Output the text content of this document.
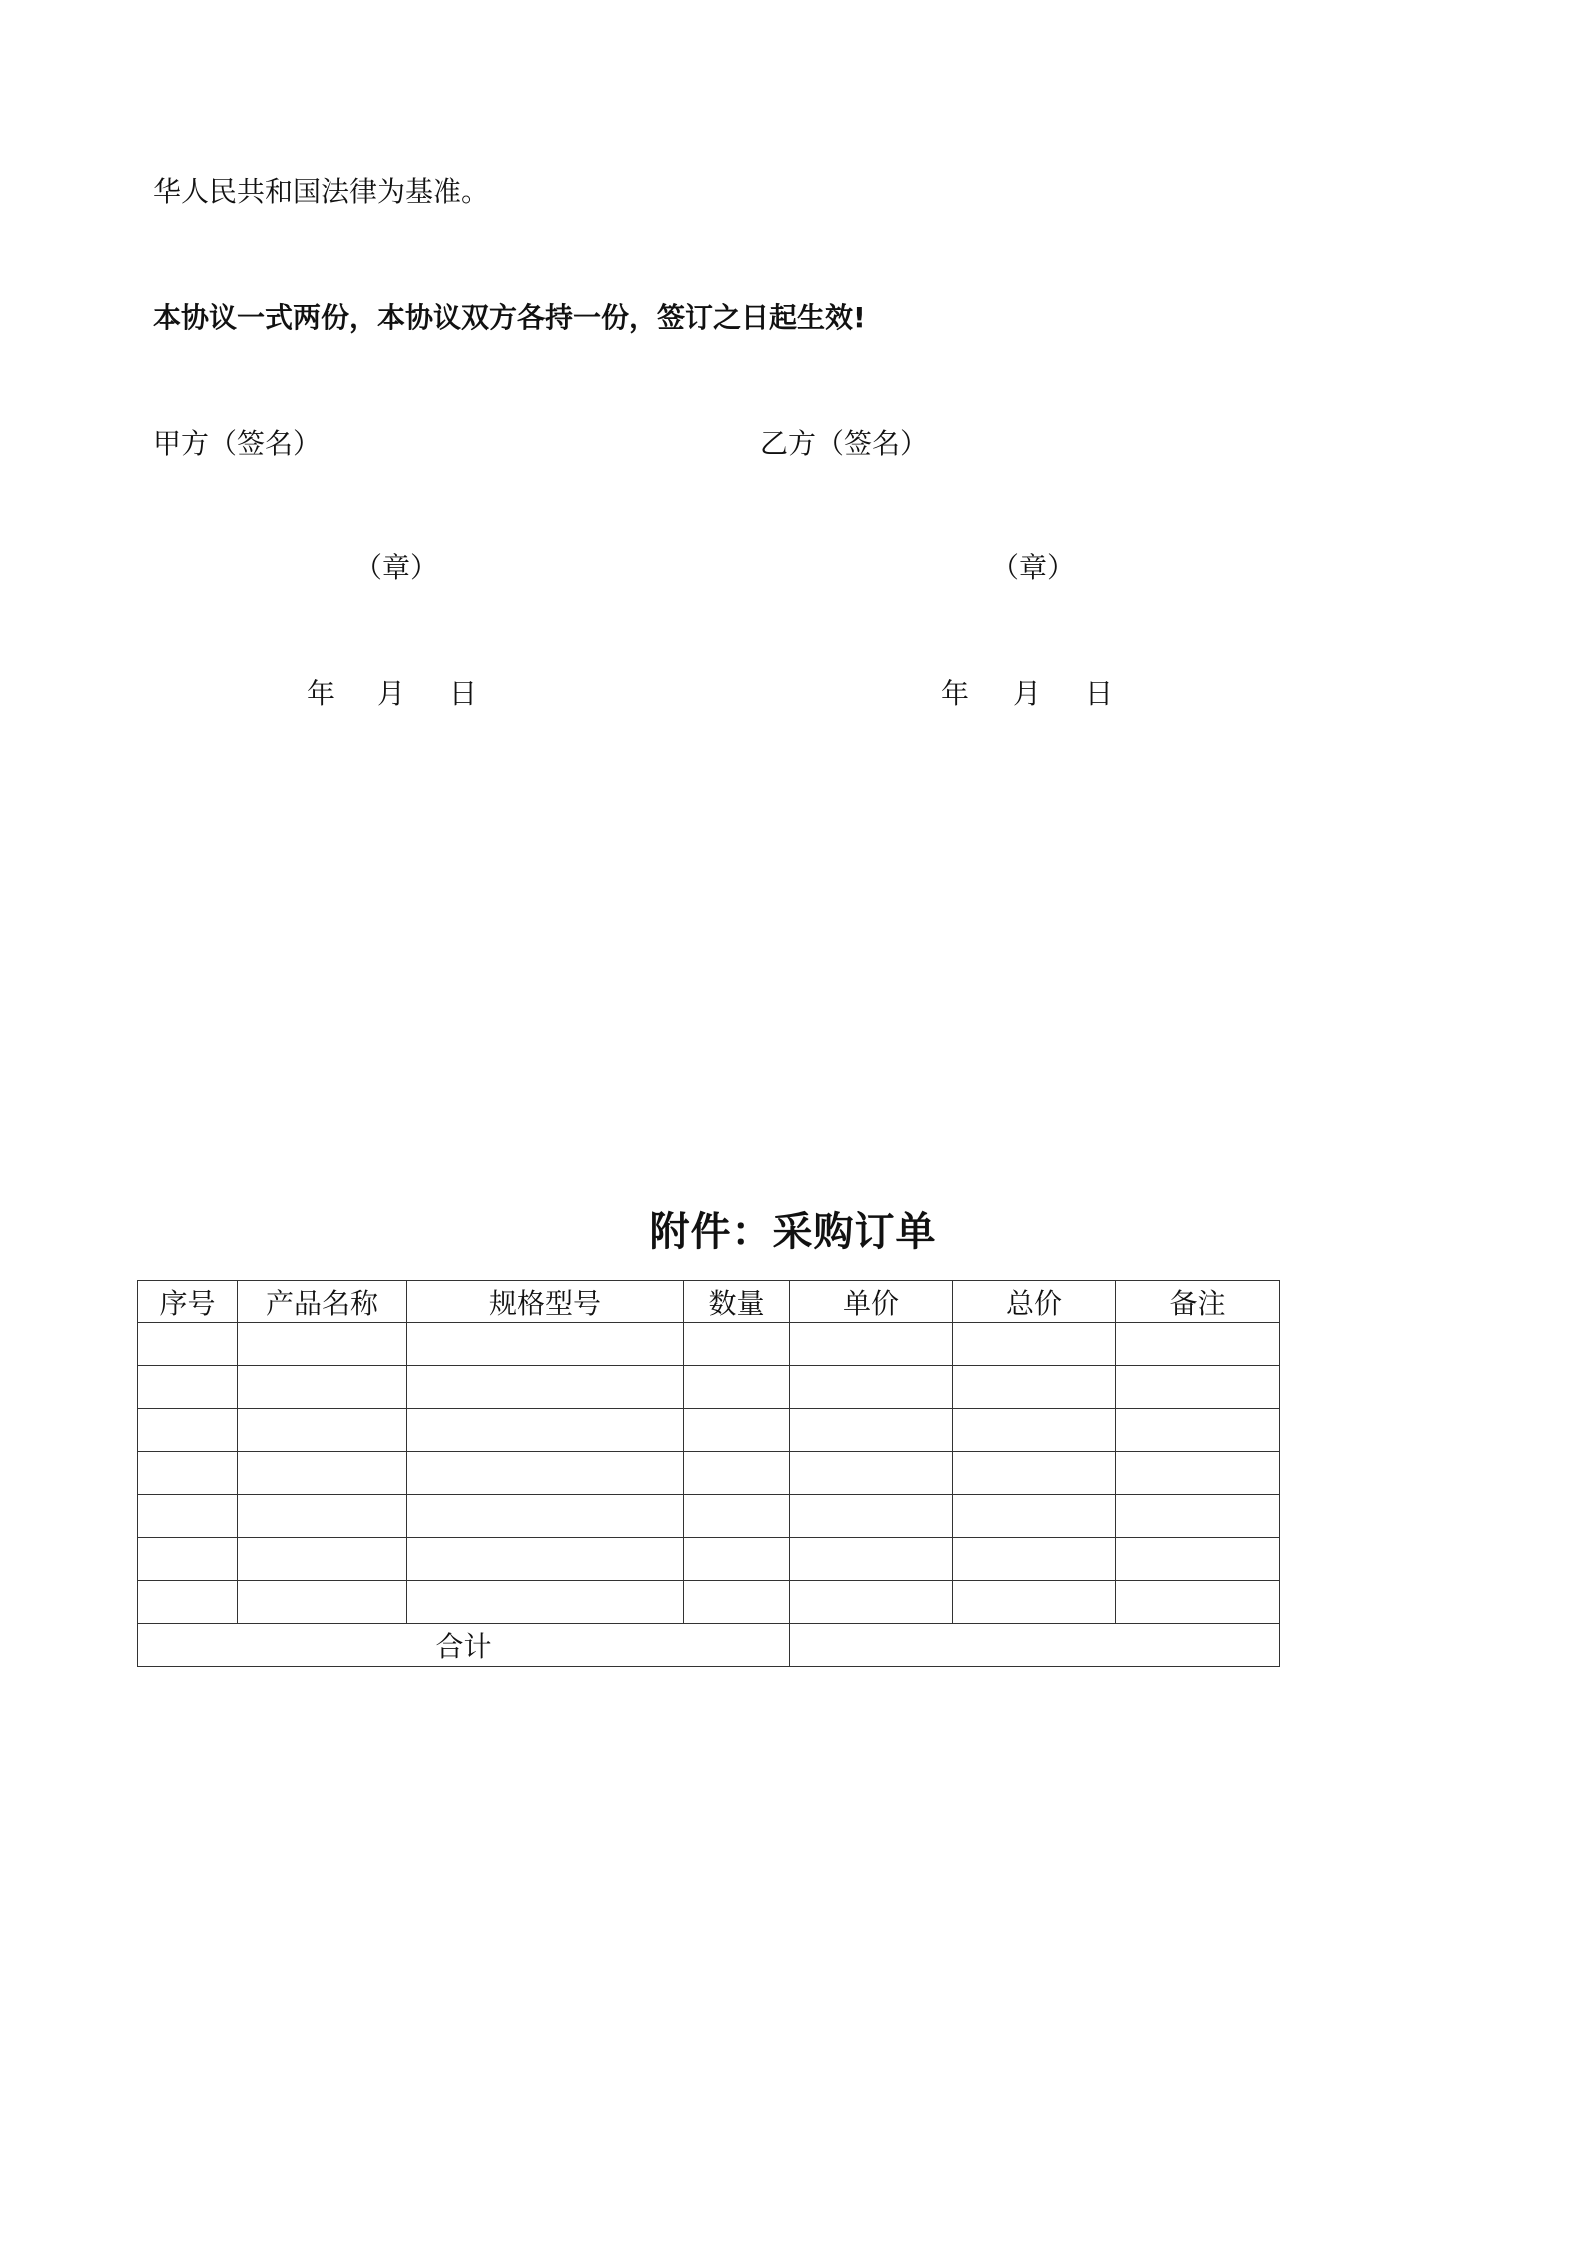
华人民共和国法律为基准。
本协议一式两份，本协议双方各持一份，签订之日起生效!
甲方（签名）
（章）
年 月 日
乙方（签名）
（章）
年 月 日
附件：采购订单
序号	产品名称	规格型号	数量	单价	总价	备注

合计						
